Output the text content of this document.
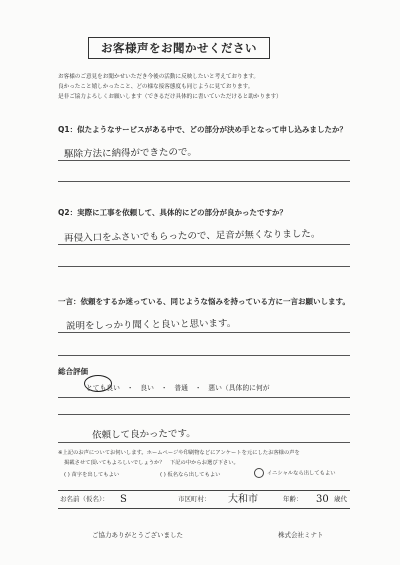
お客様声をお聞かせください
お客様のご意見をお聞かせいただき今後の活動に反映したいと考えております。
良かったこと嬉しかったこと、どの様な接客態度も同じように見ております。
是非ご協力よろしくお願いします（できるだけ具体的に書いていただけると助かります）
Q1：似たようなサービスがある中で、どの部分が決め手となって申し込みましたか？
駆除方法に納得ができたので。
Q2：実際に工事を依頼して、具体的にどの部分が良かったですか？
再侵入口をふさいでもらったので、足音が無くなりました。
一言：依頼をするか迷っている、同じような悩みを持っている方に一言お願いします。
説明をしっかり聞くと良いと思います。
総合評価
とても良い　・　良い　・　普通　・　悪い（具体的に何が
依頼して良かったです。
※上記のお声についてお伺いします。ホームページや印刷物などにアンケートを元にしたお客様の声を
掲載させて頂いてもよろしいでしょうか？　下記の中からお選び下さい。
( ) 苗字を出してもよい	( ) 仮名なら出してもよい	イニシャルなら出してもよい
お名前（仮名）： S	市区町村： 大和市	年齢： 30 歳代
ご協力ありがとうございました	株式会社ミナト
